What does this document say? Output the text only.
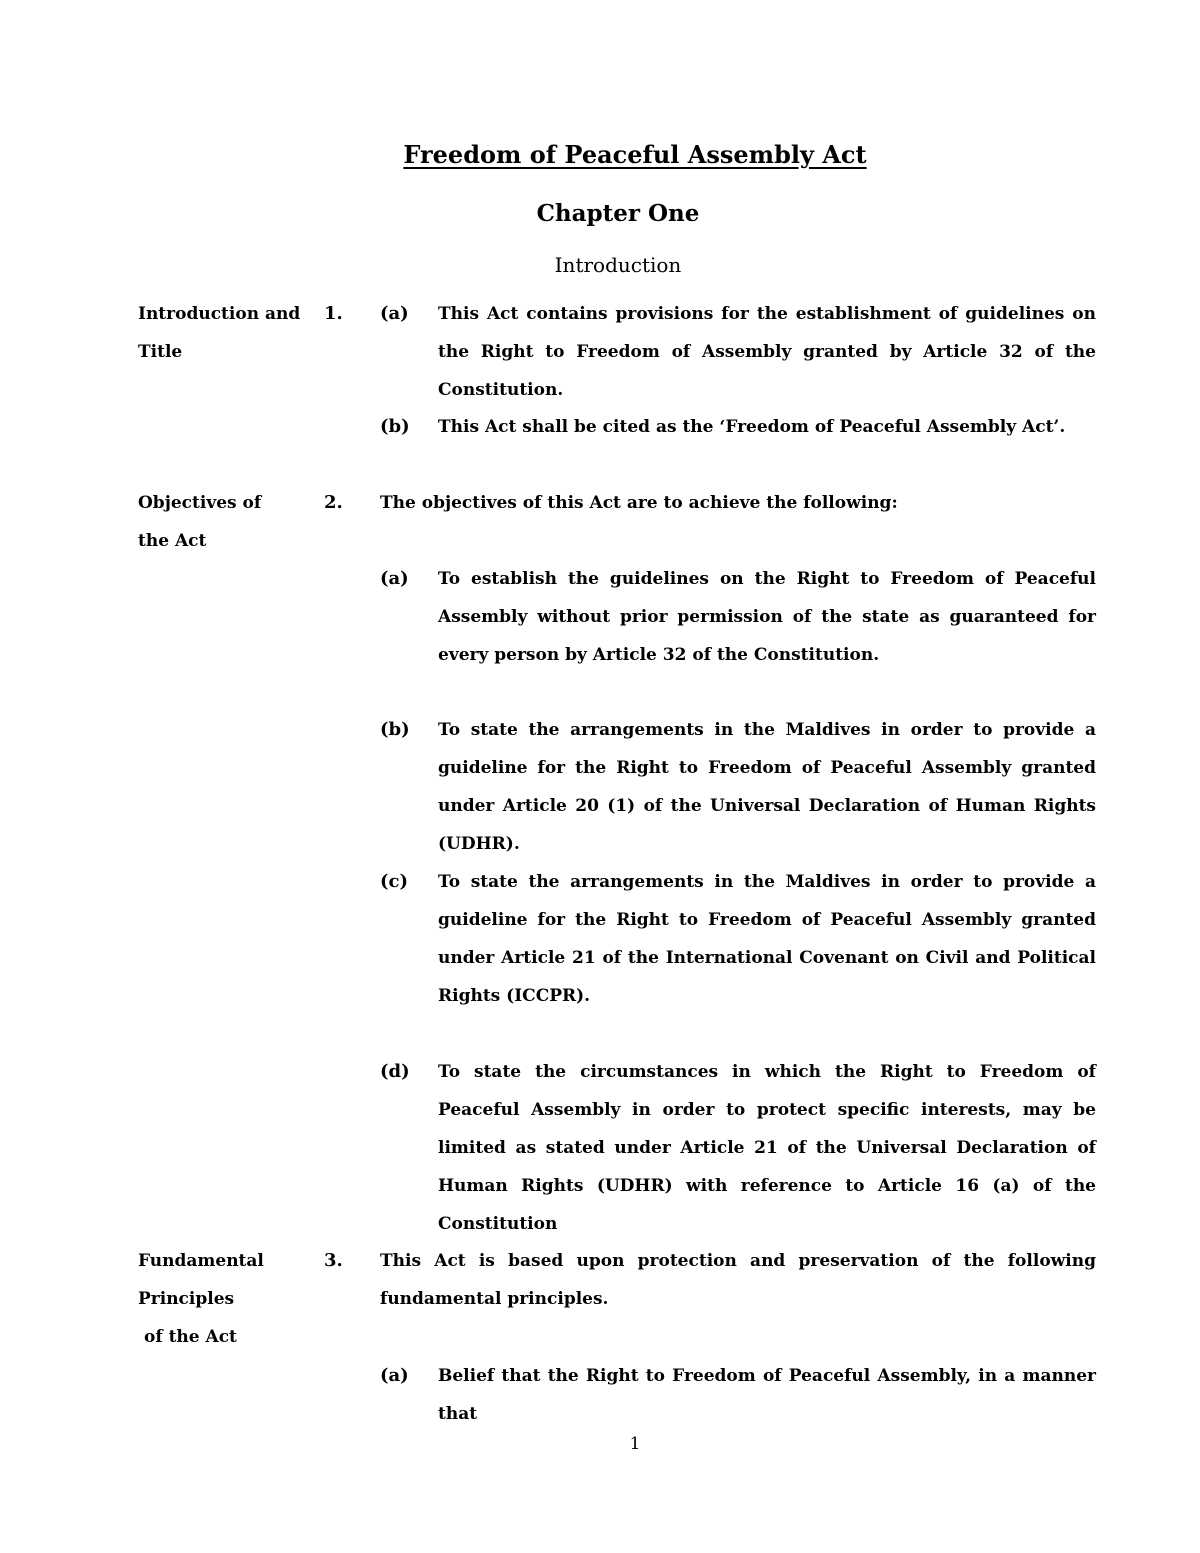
Freedom of Peaceful Assembly Act
Chapter One
Introduction
Introduction and Title
1. (a) This Act contains provisions for the establishment of guidelines on the Right to Freedom of Assembly granted by Article 32 of the Constitution.
(b) This Act shall be cited as the ‘Freedom of Peaceful Assembly Act’.
Objectives of the Act
2. The objectives of this Act are to achieve the following:
(a) To establish the guidelines on the Right to Freedom of Peaceful Assembly without prior permission of the state as guaranteed for every person by Article 32 of the Constitution.
(b) To state the arrangements in the Maldives in order to provide a guideline for the Right to Freedom of Peaceful Assembly granted under Article 20 (1) of the Universal Declaration of Human Rights (UDHR).
(c) To state the arrangements in the Maldives in order to provide a guideline for the Right to Freedom of Peaceful Assembly granted under Article 21 of the International Covenant on Civil and Political Rights (ICCPR).
(d) To state the circumstances in which the Right to Freedom of Peaceful Assembly in order to protect specific interests, may be limited as stated under Article 21 of the Universal Declaration of Human Rights (UDHR) with reference to Article 16 (a) of the Constitution
Fundamental
Principles
of the Act
3. This Act is based upon protection and preservation of the following fundamental principles.
(a) Belief that the Right to Freedom of Peaceful Assembly, in a manner that
1
